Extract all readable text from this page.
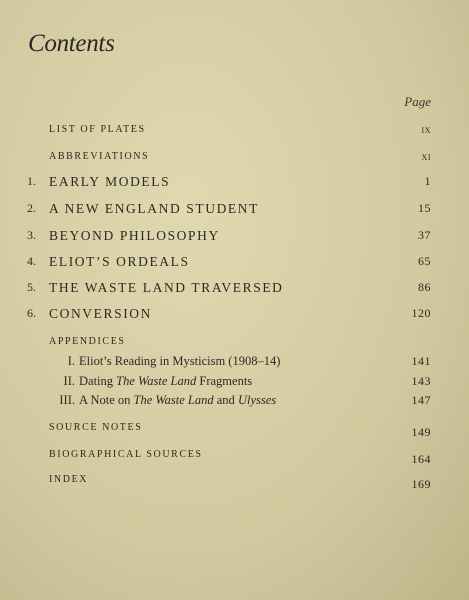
Contents
Page
LIST OF PLATES	ix
ABBREVIATIONS	xi
1. EARLY MODELS	1
2. A NEW ENGLAND STUDENT	15
3. BEYOND PHILOSOPHY	37
4. ELIOT’S ORDEALS	65
5. THE WASTE LAND TRAVERSED	86
6. CONVERSION	120
APPENDICES
I. Eliot’s Reading in Mysticism (1908–14)	141
II. Dating The Waste Land Fragments	143
III. A Note on The Waste Land and Ulysses	147
SOURCE NOTES	149
BIOGRAPHICAL SOURCES	164
INDEX	169
